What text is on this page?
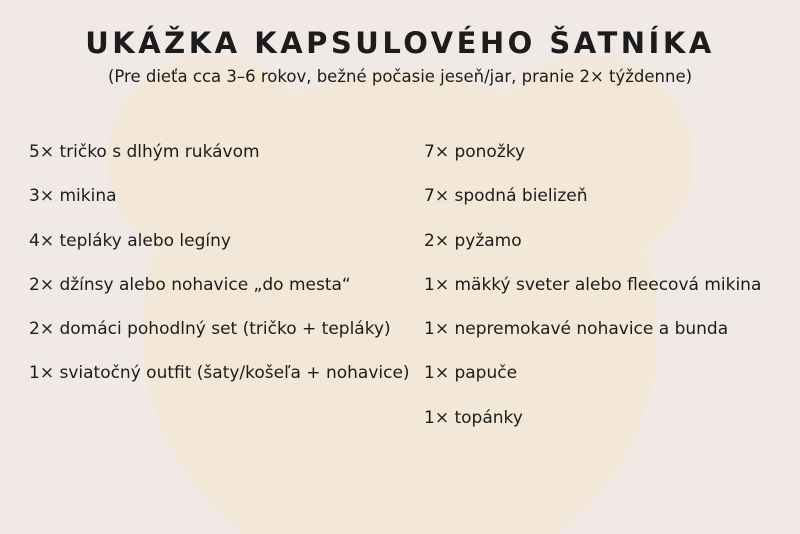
UKÁŽKA KAPSULOVÉHO ŠATNÍKA

(Pre dieťa cca 3–6 rokov, bežné počasie jeseň/jar, pranie 2× týždenne)

5× tričko s dlhým rukávom
3× mikina
4× tepláky alebo legíny
2× džínsy alebo nohavice „do mesta“
2× domáci pohodlný set (tričko + tepláky)
1× sviatočný outfit (šaty/košeľa + nohavice)
7× ponožky
7× spodná bielizeň
2× pyžamo
1× mäkký sveter alebo fleecová mikina
1× nepremokavé nohavice a bunda
1× papuče
1× topánky
